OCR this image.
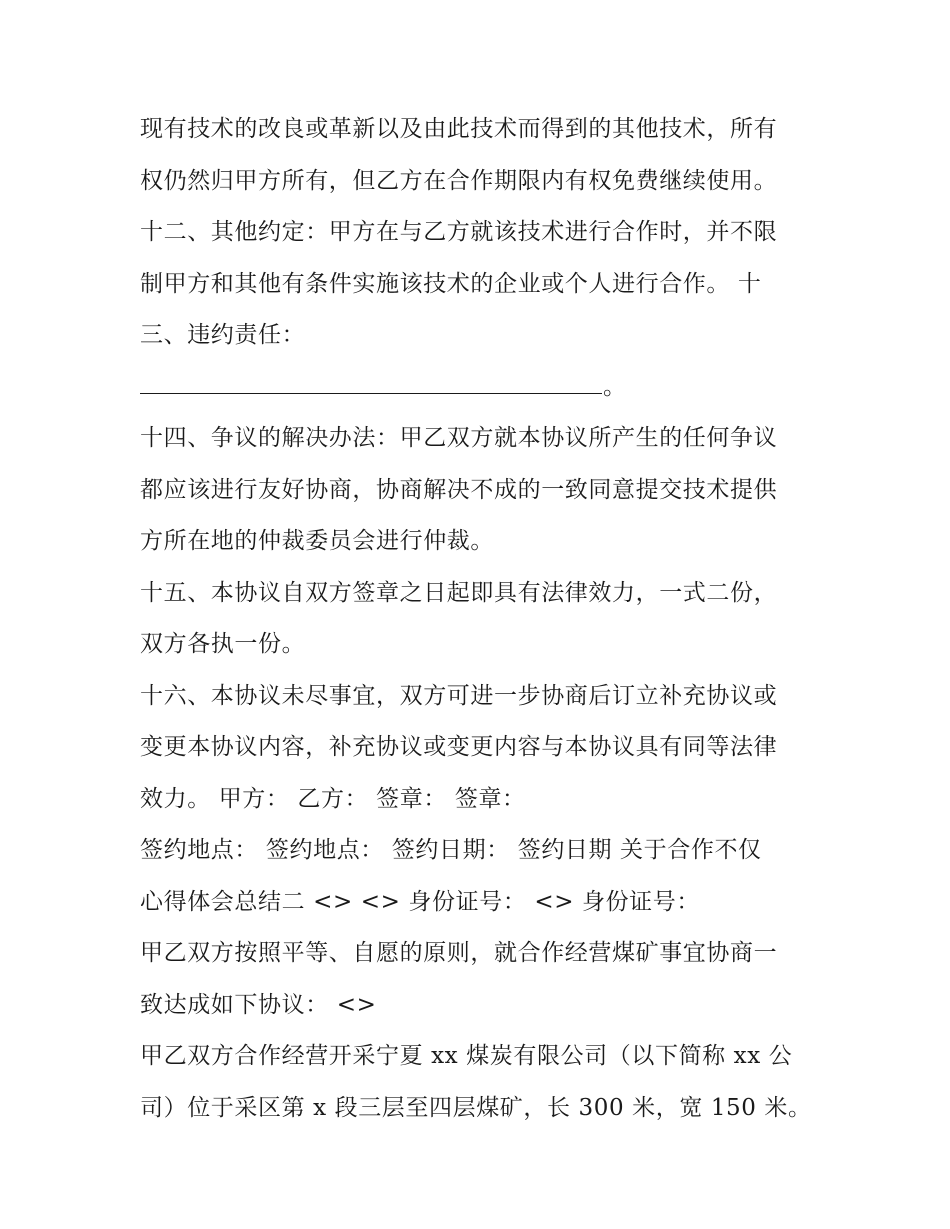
现有技术的改良或革新以及由此技术而得到的其他技术，所有
权仍然归甲方所有，但乙方在合作期限内有权免费继续使用。
十二、其他约定：甲方在与乙方就该技术进行合作时，并不限
制甲方和其他有条件实施该技术的企业或个人进行合作。 十
三、违约责任：
。
十四、争议的解决办法：甲乙双方就本协议所产生的任何争议
都应该进行友好协商，协商解决不成的一致同意提交技术提供
方所在地的仲裁委员会进行仲裁。
十五、本协议自双方签章之日起即具有法律效力，一式二份，
双方各执一份。
十六、本协议未尽事宜，双方可进一步协商后订立补充协议或
变更本协议内容，补充协议或变更内容与本协议具有同等法律
效力。 甲方： 乙方： 签章： 签章：
签约地点： 签约地点： 签约日期： 签约日期 关于合作不仅
心得体会总结二 <> <> 身份证号： <> 身份证号：
甲乙双方按照平等、自愿的原则，就合作经营煤矿事宜协商一
致达成如下协议： <>
甲乙双方合作经营开采宁夏 xx 煤炭有限公司（以下简称 xx 公
司）位于采区第 x 段三层至四层煤矿，长 300 米，宽 150 米。
